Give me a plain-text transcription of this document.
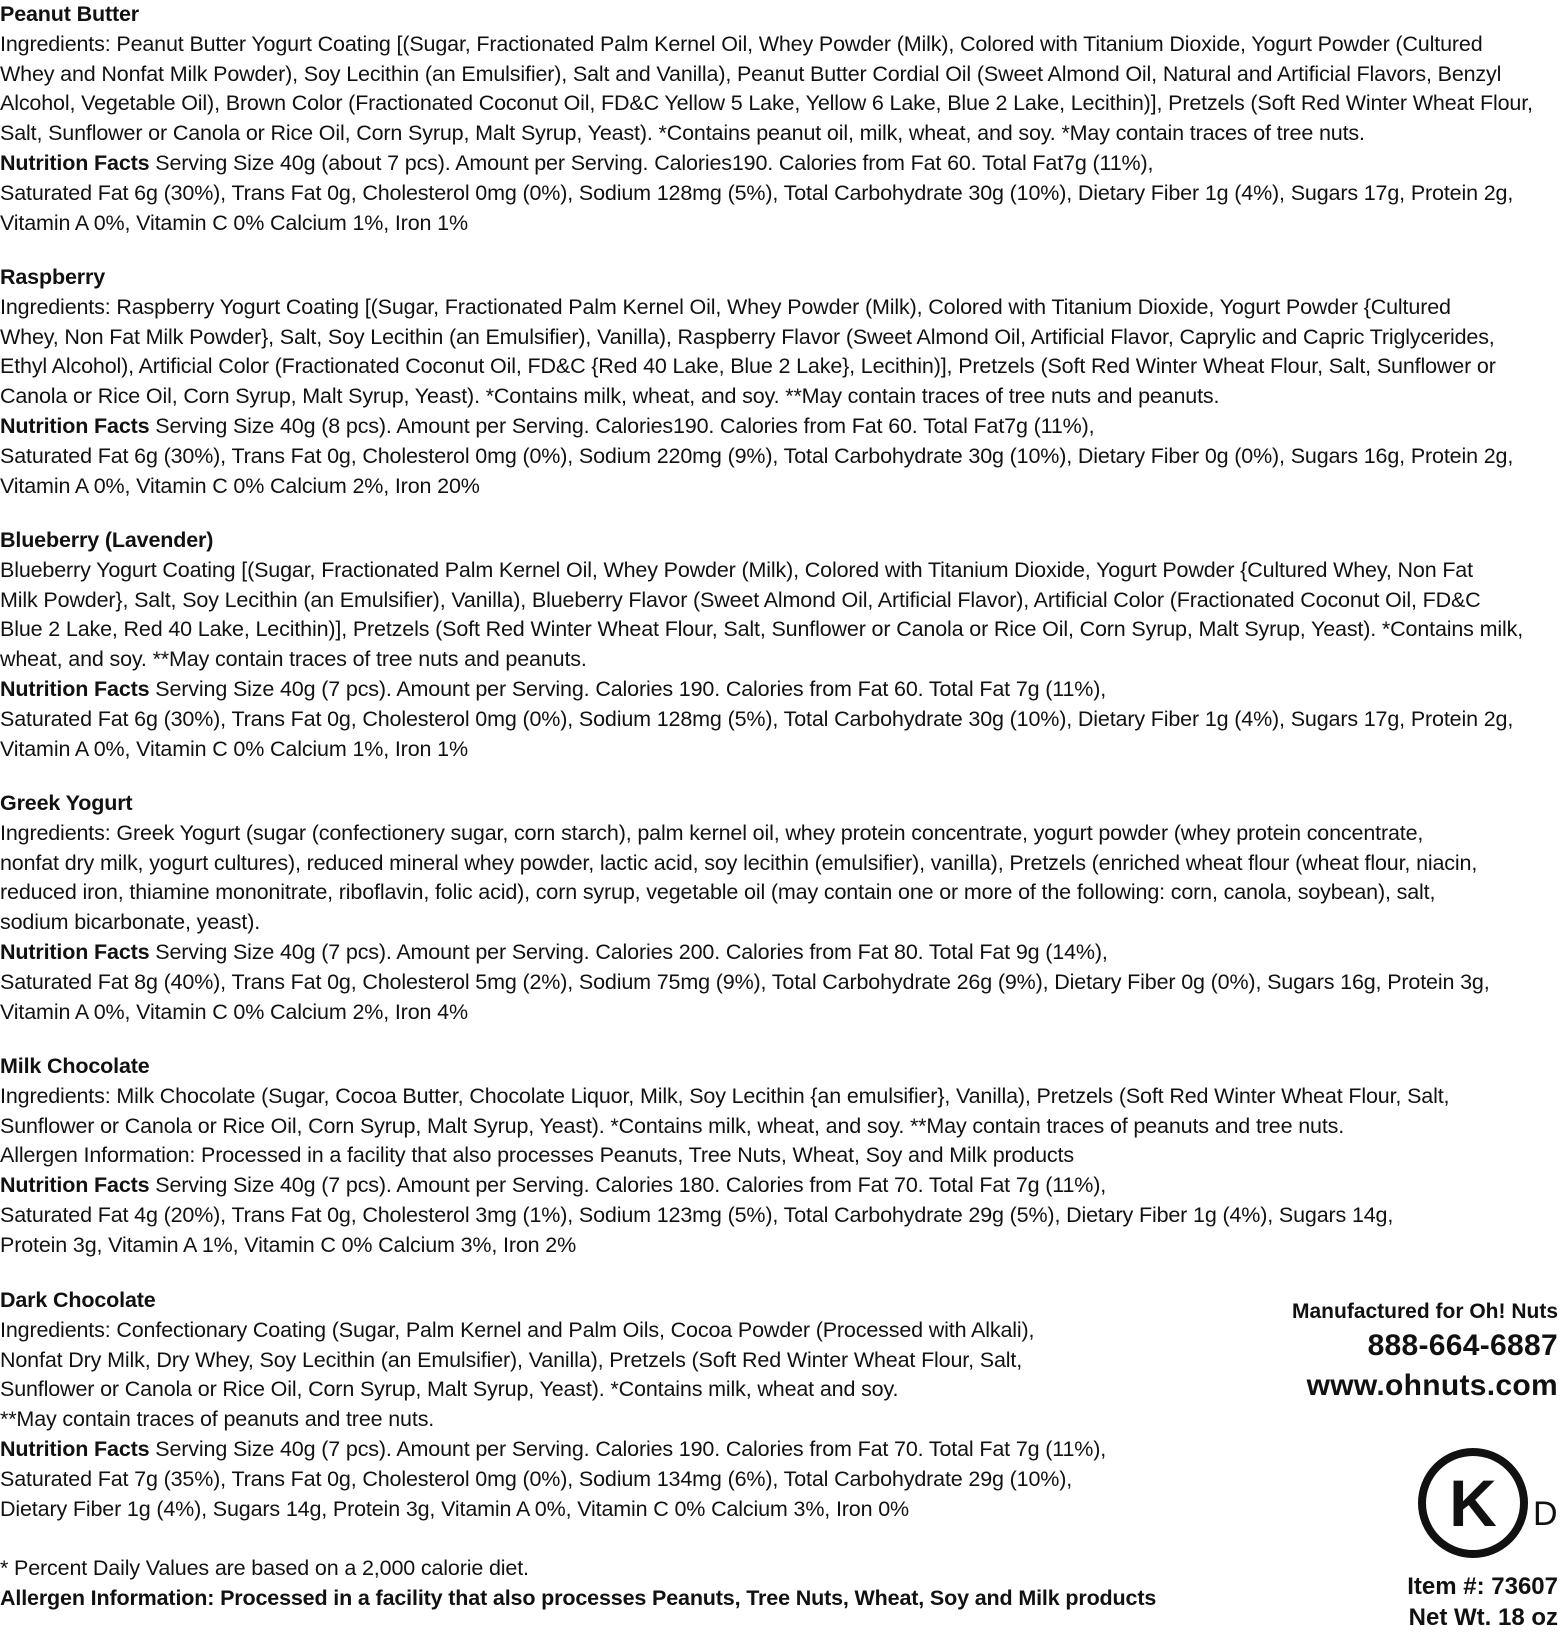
Peanut Butter
Ingredients: Peanut Butter Yogurt Coating [(Sugar, Fractionated Palm Kernel Oil, Whey Powder (Milk), Colored with Titanium Dioxide, Yogurt Powder (Cultured
Whey and Nonfat Milk Powder), Soy Lecithin (an Emulsifier), Salt and Vanilla), Peanut Butter Cordial Oil (Sweet Almond Oil, Natural and Artificial Flavors, Benzyl
Alcohol, Vegetable Oil), Brown Color (Fractionated Coconut Oil, FD&C Yellow 5 Lake, Yellow 6 Lake, Blue 2 Lake, Lecithin)], Pretzels (Soft Red Winter Wheat Flour,
Salt, Sunflower or Canola or Rice Oil, Corn Syrup, Malt Syrup, Yeast). *Contains peanut oil, milk, wheat, and soy. *May contain traces of tree nuts.
Nutrition Facts Serving Size 40g (about 7 pcs). Amount per Serving. Calories190. Calories from Fat 60. Total Fat7g (11%),
Saturated Fat 6g (30%), Trans Fat 0g, Cholesterol 0mg (0%), Sodium 128mg (5%), Total Carbohydrate 30g (10%), Dietary Fiber 1g (4%), Sugars 17g, Protein 2g,
Vitamin A 0%, Vitamin C 0% Calcium 1%, Iron 1%
Raspberry
Ingredients: Raspberry Yogurt Coating [(Sugar, Fractionated Palm Kernel Oil, Whey Powder (Milk), Colored with Titanium Dioxide, Yogurt Powder {Cultured
Whey, Non Fat Milk Powder}, Salt, Soy Lecithin (an Emulsifier), Vanilla), Raspberry Flavor (Sweet Almond Oil, Artificial Flavor, Caprylic and Capric Triglycerides,
Ethyl Alcohol), Artificial Color (Fractionated Coconut Oil, FD&C {Red 40 Lake, Blue 2 Lake}, Lecithin)], Pretzels (Soft Red Winter Wheat Flour, Salt, Sunflower or
Canola or Rice Oil, Corn Syrup, Malt Syrup, Yeast). *Contains milk, wheat, and soy. **May contain traces of tree nuts and peanuts.
Nutrition Facts Serving Size 40g (8 pcs). Amount per Serving. Calories190. Calories from Fat 60. Total Fat7g (11%),
Saturated Fat 6g (30%), Trans Fat 0g, Cholesterol 0mg (0%), Sodium 220mg (9%), Total Carbohydrate 30g (10%), Dietary Fiber 0g (0%), Sugars 16g, Protein 2g,
Vitamin A 0%, Vitamin C 0% Calcium 2%, Iron 20%
Blueberry (Lavender)
Blueberry Yogurt Coating [(Sugar, Fractionated Palm Kernel Oil, Whey Powder (Milk), Colored with Titanium Dioxide, Yogurt Powder {Cultured Whey, Non Fat
Milk Powder}, Salt, Soy Lecithin (an Emulsifier), Vanilla), Blueberry Flavor (Sweet Almond Oil, Artificial Flavor), Artificial Color (Fractionated Coconut Oil, FD&C
Blue 2 Lake, Red 40 Lake, Lecithin)], Pretzels (Soft Red Winter Wheat Flour, Salt, Sunflower or Canola or Rice Oil, Corn Syrup, Malt Syrup, Yeast). *Contains milk,
wheat, and soy. **May contain traces of tree nuts and peanuts.
Nutrition Facts Serving Size 40g (7 pcs). Amount per Serving. Calories 190. Calories from Fat 60. Total Fat 7g (11%),
Saturated Fat 6g (30%), Trans Fat 0g, Cholesterol 0mg (0%), Sodium 128mg (5%), Total Carbohydrate 30g (10%), Dietary Fiber 1g (4%), Sugars 17g, Protein 2g,
Vitamin A 0%, Vitamin C 0% Calcium 1%, Iron 1%
Greek Yogurt
Ingredients: Greek Yogurt (sugar (confectionery sugar, corn starch), palm kernel oil, whey protein concentrate, yogurt powder (whey protein concentrate,
nonfat dry milk, yogurt cultures), reduced mineral whey powder, lactic acid, soy lecithin (emulsifier), vanilla), Pretzels (enriched wheat flour (wheat flour, niacin,
reduced iron, thiamine mononitrate, riboflavin, folic acid), corn syrup, vegetable oil (may contain one or more of the following: corn, canola, soybean), salt,
sodium bicarbonate, yeast).
Nutrition Facts Serving Size 40g (7 pcs). Amount per Serving. Calories 200. Calories from Fat 80. Total Fat 9g (14%),
Saturated Fat 8g (40%), Trans Fat 0g, Cholesterol 5mg (2%), Sodium 75mg (9%), Total Carbohydrate 26g (9%), Dietary Fiber 0g (0%), Sugars 16g, Protein 3g,
Vitamin A 0%, Vitamin C 0% Calcium 2%, Iron 4%
Milk Chocolate
Ingredients: Milk Chocolate (Sugar, Cocoa Butter, Chocolate Liquor, Milk, Soy Lecithin {an emulsifier}, Vanilla), Pretzels (Soft Red Winter Wheat Flour, Salt,
Sunflower or Canola or Rice Oil, Corn Syrup, Malt Syrup, Yeast). *Contains milk, wheat, and soy. **May contain traces of peanuts and tree nuts.
Allergen Information: Processed in a facility that also processes Peanuts, Tree Nuts, Wheat, Soy and Milk products
Nutrition Facts Serving Size 40g (7 pcs). Amount per Serving. Calories 180. Calories from Fat 70. Total Fat 7g (11%),
Saturated Fat 4g (20%), Trans Fat 0g, Cholesterol 3mg (1%), Sodium 123mg (5%), Total Carbohydrate 29g (5%), Dietary Fiber 1g (4%), Sugars 14g,
Protein 3g, Vitamin A 1%, Vitamin C 0% Calcium 3%, Iron 2%
Dark Chocolate
Ingredients: Confectionary Coating (Sugar, Palm Kernel and Palm Oils, Cocoa Powder (Processed with Alkali),
Nonfat Dry Milk, Dry Whey, Soy Lecithin (an Emulsifier), Vanilla), Pretzels (Soft Red Winter Wheat Flour, Salt,
Sunflower or Canola or Rice Oil, Corn Syrup, Malt Syrup, Yeast). *Contains milk, wheat and soy.
**May contain traces of peanuts and tree nuts.
Nutrition Facts Serving Size 40g (7 pcs). Amount per Serving. Calories 190. Calories from Fat 70. Total Fat 7g (11%),
Saturated Fat 7g (35%), Trans Fat 0g, Cholesterol 0mg (0%), Sodium 134mg (6%), Total Carbohydrate 29g (10%),
Dietary Fiber 1g (4%), Sugars 14g, Protein 3g, Vitamin A 0%, Vitamin C 0% Calcium 3%, Iron 0%
* Percent Daily Values are based on a 2,000 calorie diet.
Allergen Information: Processed in a facility that also processes Peanuts, Tree Nuts, Wheat, Soy and Milk products
Manufactured for Oh! Nuts
888-664-6887
www.ohnuts.com
K D
Item #: 73607
Net Wt. 18 oz
